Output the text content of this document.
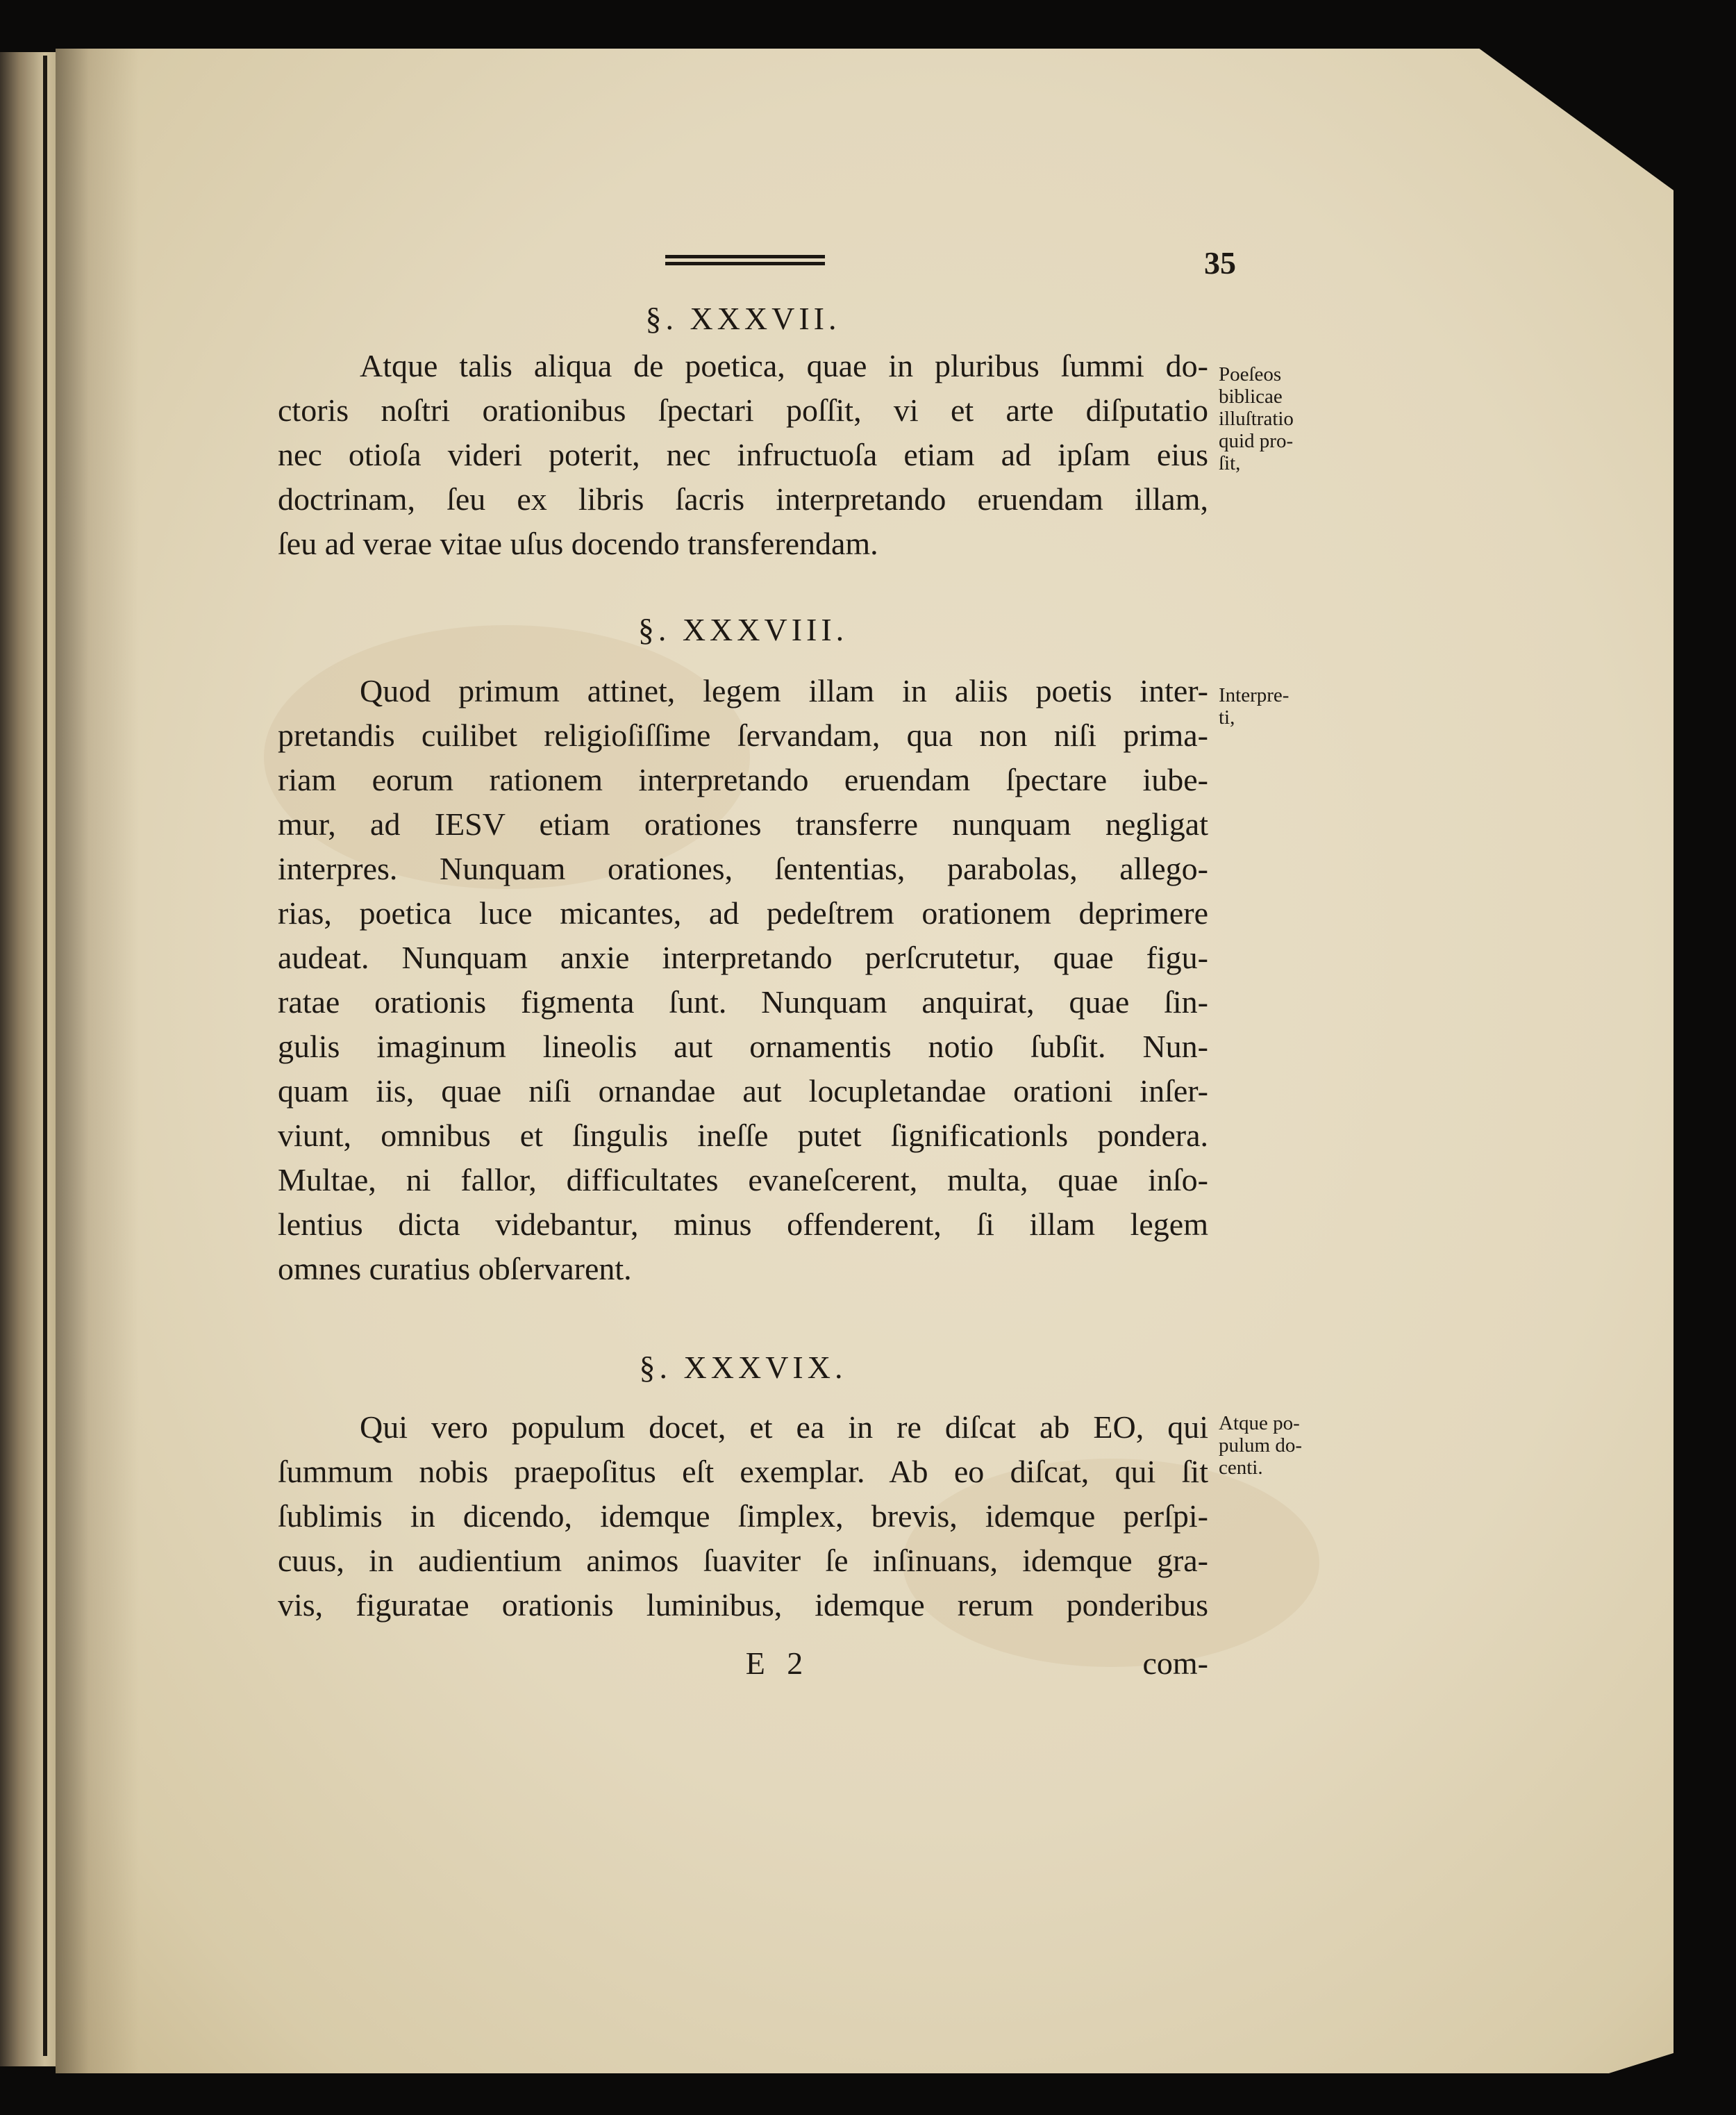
35
§. XXXVII.
Atque talis aliqua de poetica, quae in pluribus ſummi do-
ctoris noſtri orationibus ſpectari poſſit, vi et arte diſputatio
nec otioſa videri poterit, nec infructuoſa etiam ad ipſam eius
doctrinam, ſeu ex libris ſacris interpretando eruendam illam,
ſeu ad verae vitae uſus docendo transferendam.
Poeſeos
biblicae
illuſtratio
quid pro-
ſit,
§. XXXVIII.
Quod primum attinet, legem illam in aliis poetis inter-
pretandis cuilibet religioſiſſime ſervandam, qua non niſi prima-
riam eorum rationem interpretando eruendam ſpectare iube-
mur, ad IESV etiam orationes transferre nunquam negligat
interpres. Nunquam orationes, ſententias, parabolas, allego-
rias, poetica luce micantes, ad pedeſtrem orationem deprimere
audeat. Nunquam anxie interpretando perſcrutetur, quae figu-
ratae orationis figmenta ſunt. Nunquam anquirat, quae ſin-
gulis imaginum lineolis aut ornamentis notio ſubſit. Nun-
quam iis, quae niſi ornandae aut locupletandae orationi inſer-
viunt, omnibus et ſingulis ineſſe putet ſignificationls pondera.
Multae, ni fallor, difficultates evaneſcerent, multa, quae inſo-
lentius dicta videbantur, minus offenderent, ſi illam legem
omnes curatius obſervarent.
Interpre-
ti,
§. XXXVIX.
Qui vero populum docet, et ea in re diſcat ab EO, qui
ſummum nobis praepoſitus eſt exemplar. Ab eo diſcat, qui ſit
ſublimis in dicendo, idemque ſimplex, brevis, idemque perſpi-
cuus, in audientium animos ſuaviter ſe inſinuans, idemque gra-
vis, figuratae orationis luminibus, idemque rerum ponderibus
Atque po-
pulum do-
centi.
E 2	com-
